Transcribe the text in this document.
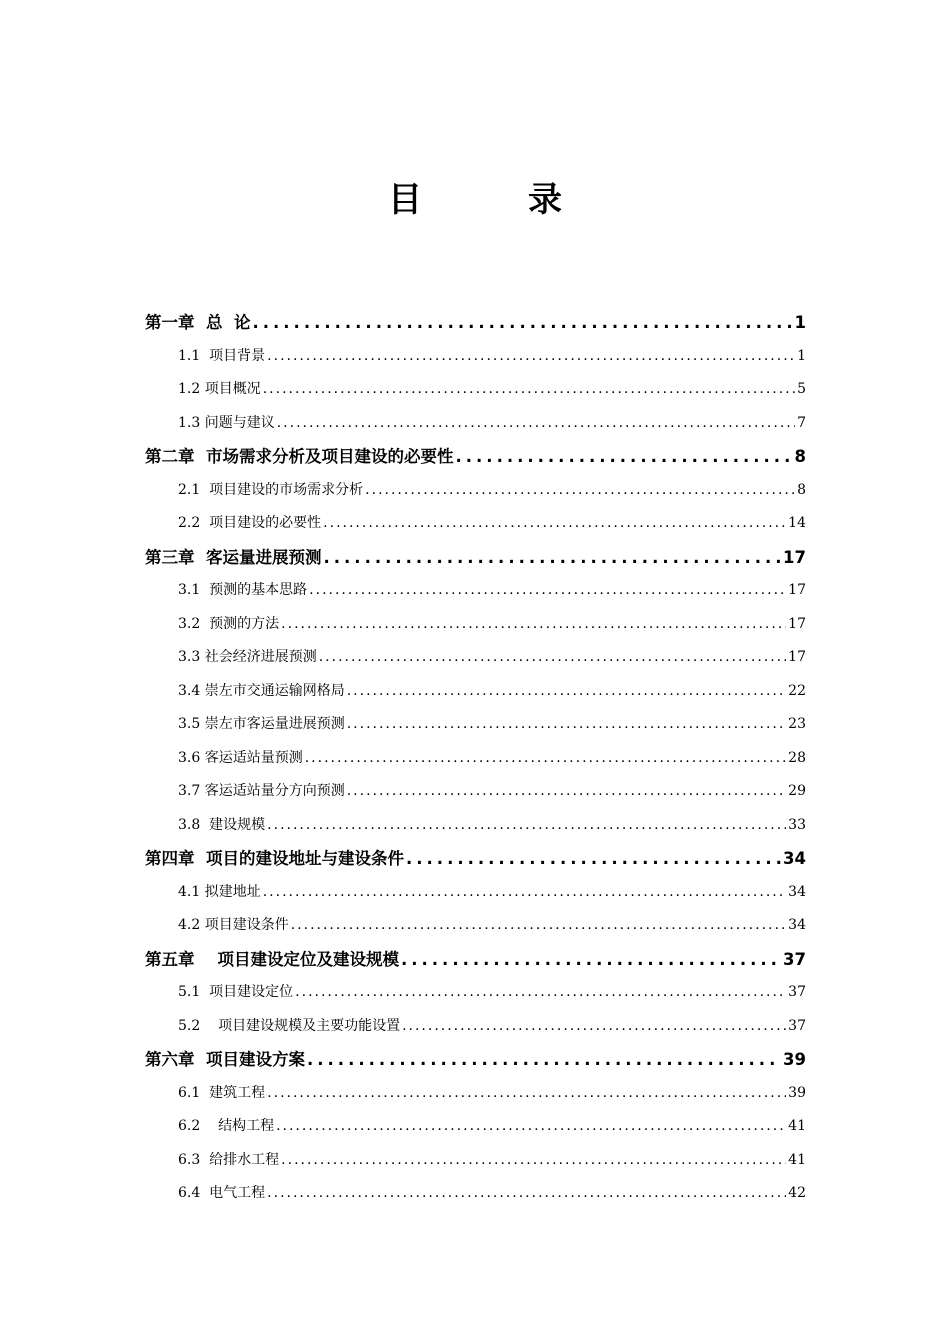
目　录
第一章  总  论 .....	1
1.1  项目背景 .....	1
1.2 项目概况 .....	5
1.3 问题与建议 .....	7
第二章  市场需求分析及项目建设的必要性 .....	8
2.1  项目建设的市场需求分析 .....	8
2.2  项目建设的必要性 .....	14
第三章  客运量进展预测 .....	17
3.1  预测的基本思路 .....	17
3.2  预测的方法 .....	17
3.3 社会经济进展预测 .....	17
3.4 崇左市交通运输网格局 .....	22
3.5 崇左市客运量进展预测 .....	23
3.6 客运适站量预测 .....	28
3.7 客运适站量分方向预测 .....	29
3.8  建设规模 .....	33
第四章  项目的建设地址与建设条件 .....	34
4.1 拟建地址 .....	34
4.2 项目建设条件 .....	34
第五章    项目建设定位及建设规模 .....	37
5.1  项目建设定位 .....	37
5.2    项目建设规模及主要功能设置 .....	37
第六章  项目建设方案 .....	39
6.1  建筑工程 .....	39
6.2    结构工程 .....	41
6.3  给排水工程 .....	41
6.4  电气工程 .....	42
